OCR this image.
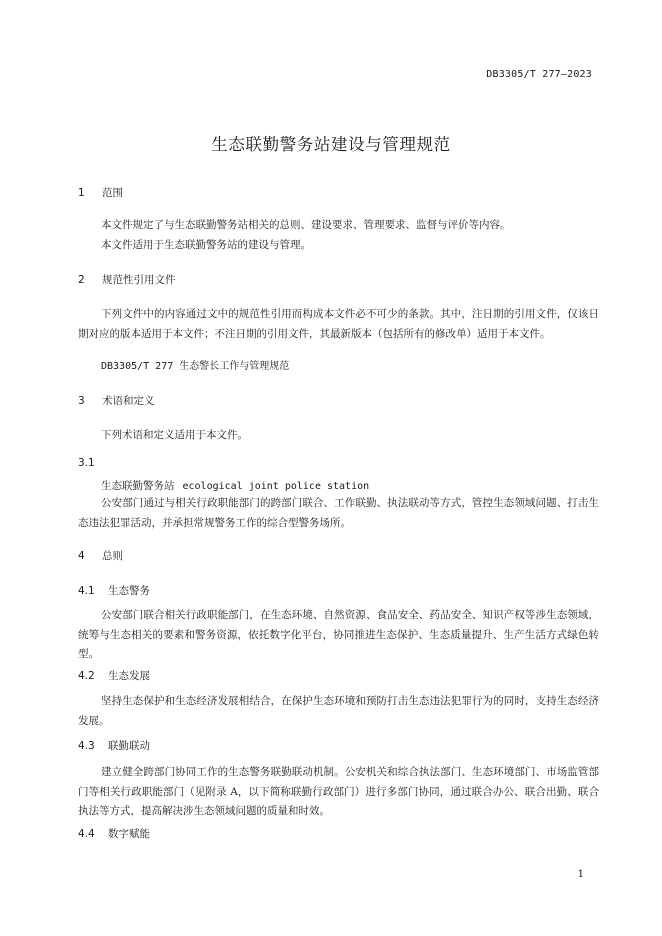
DB3305/T 277—2023
生态联勤警务站建设与管理规范
1 范围
本文件规定了与生态联勤警务站相关的总则、建设要求、管理要求、监督与评价等内容。
本文件适用于生态联勤警务站的建设与管理。
2 规范性引用文件
下列文件中的内容通过文中的规范性引用而构成本文件必不可少的条款。其中，注日期的引用文件，仅该日期对应的版本适用于本文件；不注日期的引用文件，其最新版本（包括所有的修改单）适用于本文件。
DB3305/T 277 生态警长工作与管理规范
3 术语和定义
下列术语和定义适用于本文件。
3.1
生态联勤警务站 ecological joint police station
公安部门通过与相关行政职能部门的跨部门联合、工作联勤、执法联动等方式，管控生态领域问题、打击生态违法犯罪活动，并承担常规警务工作的综合型警务场所。
4 总则
4.1 生态警务
公安部门联合相关行政职能部门，在生态环境、自然资源、食品安全、药品安全、知识产权等涉生态领域，统筹与生态相关的要素和警务资源，依托数字化平台，协同推进生态保护、生态质量提升、生产生活方式绿色转型。
4.2 生态发展
坚持生态保护和生态经济发展相结合，在保护生态环境和预防打击生态违法犯罪行为的同时，支持生态经济发展。
4.3 联勤联动
建立健全跨部门协同工作的生态警务联勤联动机制。公安机关和综合执法部门、生态环境部门、市场监管部门等相关行政职能部门（见附录 A，以下简称联勤行政部门）进行多部门协同，通过联合办公、联合出勤、联合执法等方式，提高解决涉生态领域问题的质量和时效。
4.4 数字赋能
1
